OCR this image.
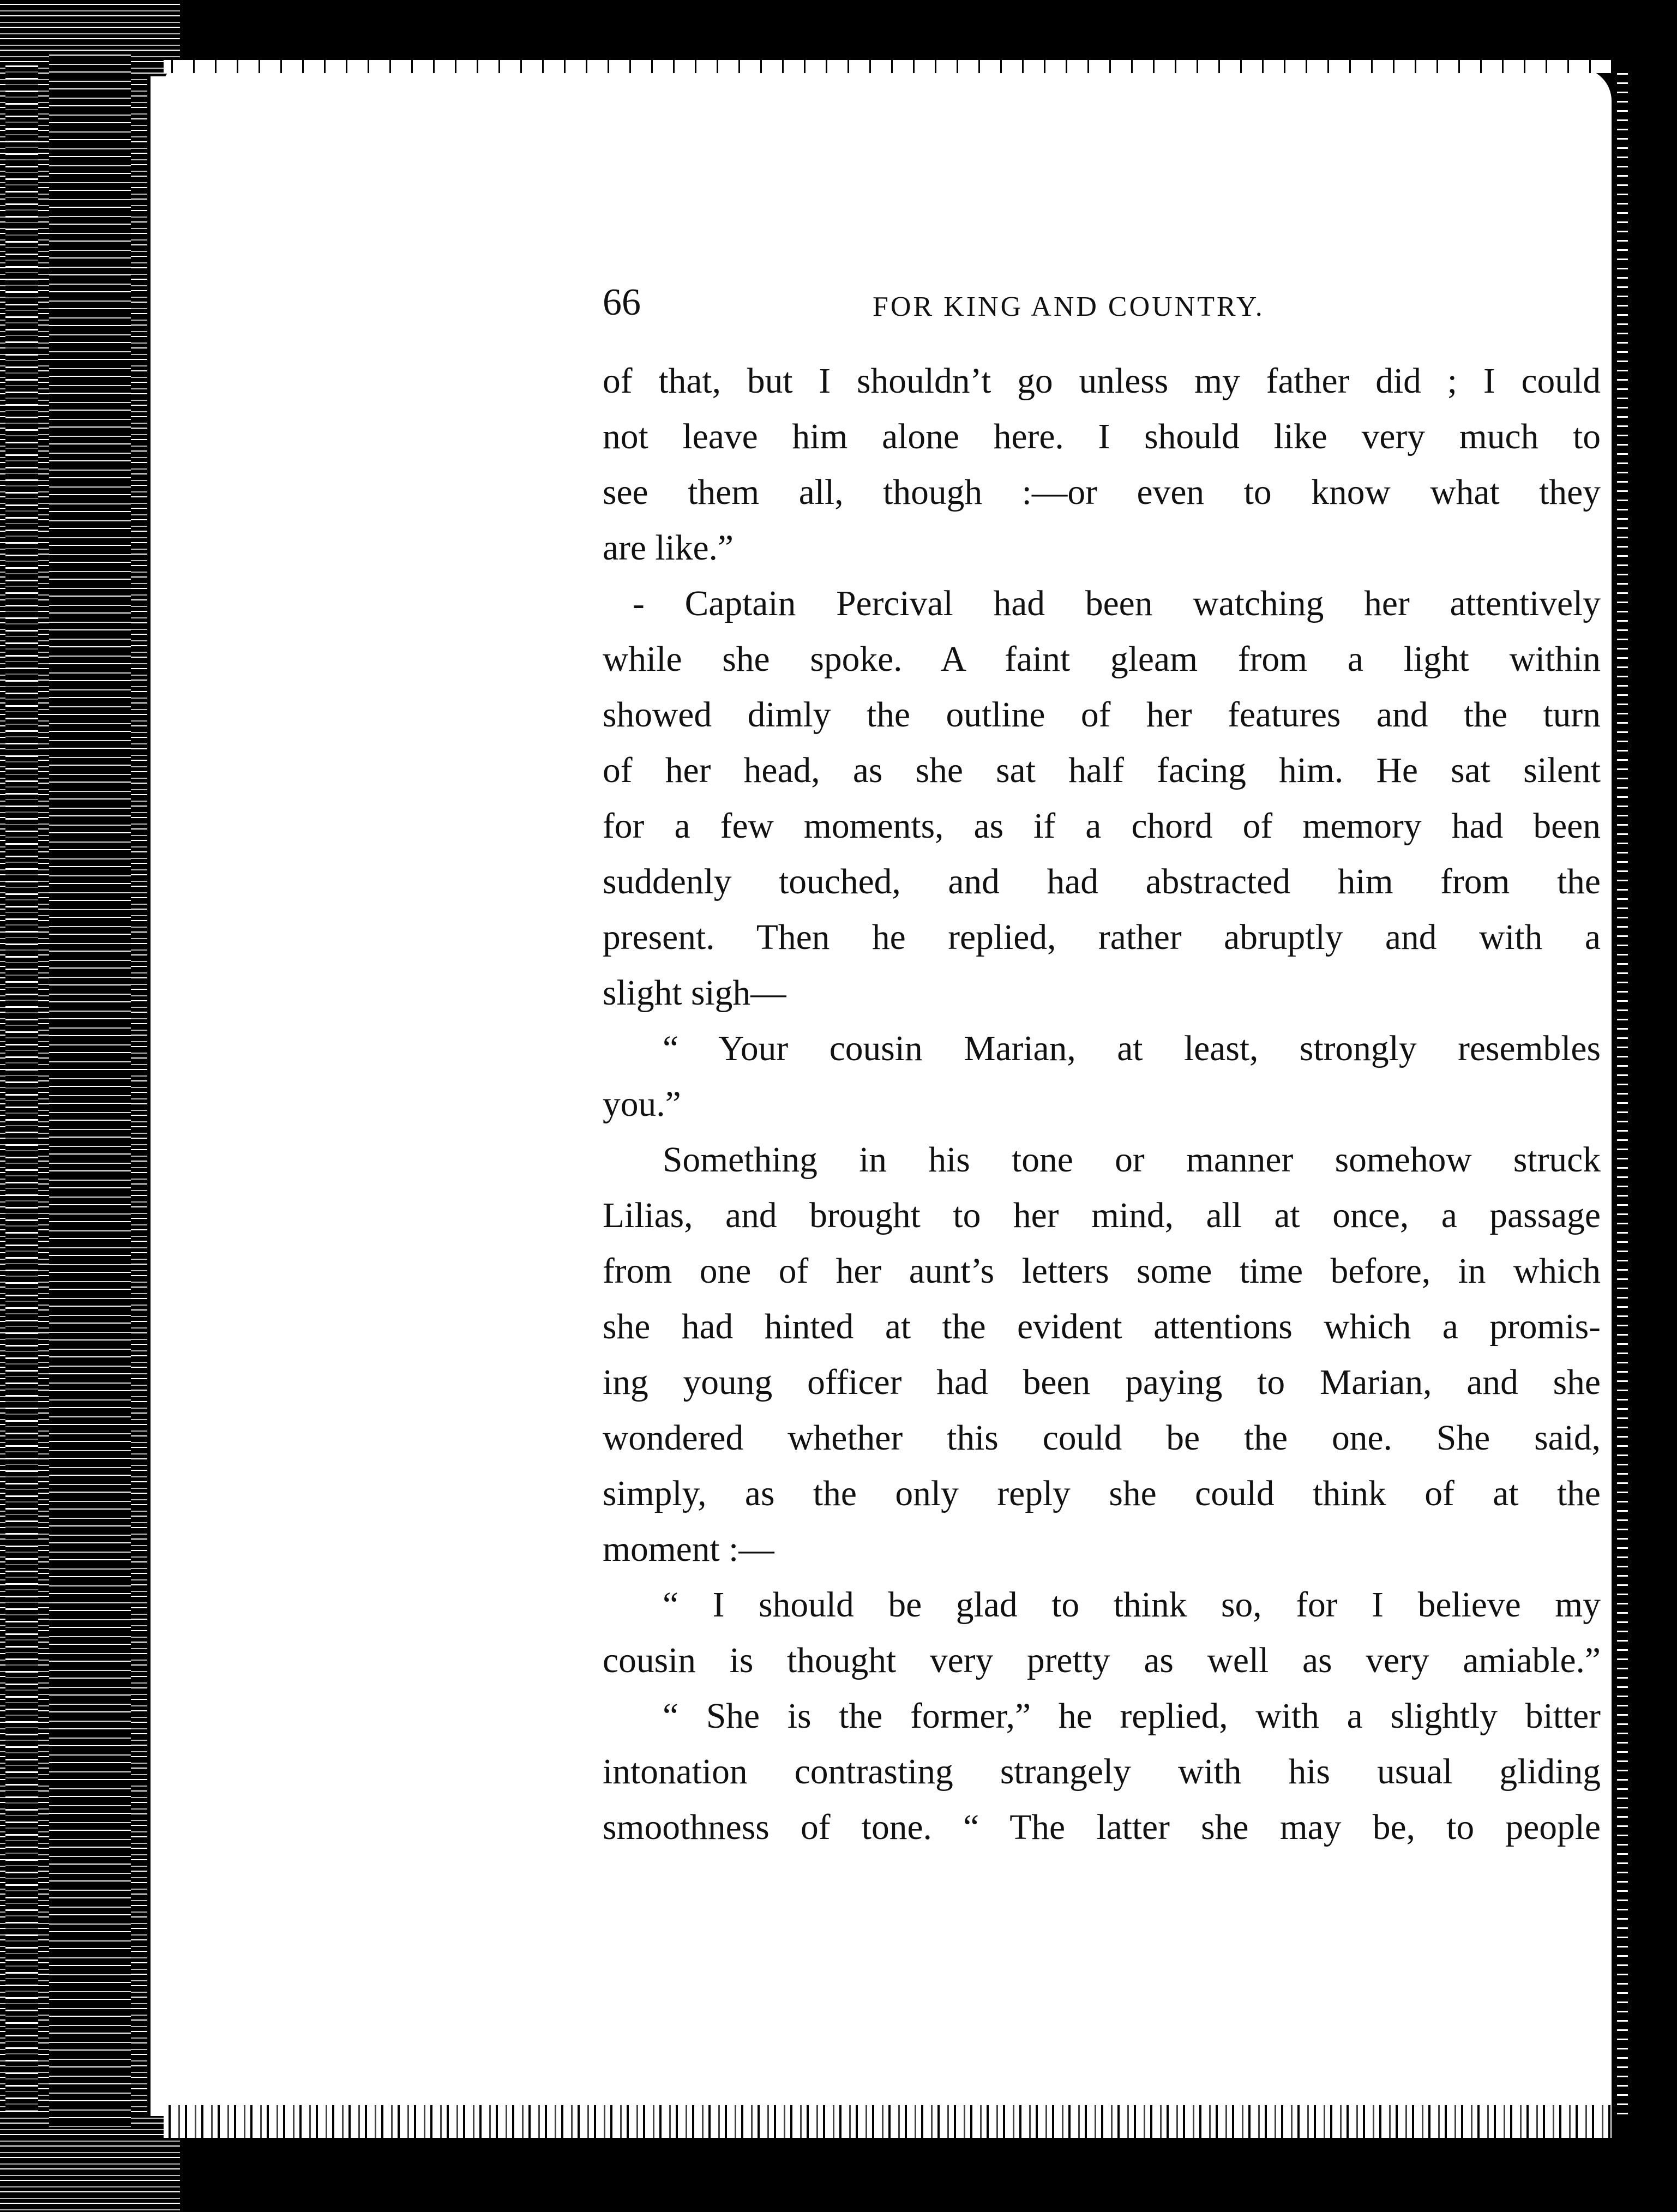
66	FOR KING AND COUNTRY.
of that, but I shouldn’t go unless my father did ; I could
not leave him alone here. I should like very much to
see them all, though :—or even to know what they
are like.”
- Captain Percival had been watching her attentively
while she spoke. A faint gleam from a light within
showed dimly the outline of her features and the turn
of her head, as she sat half facing him. He sat silent
for a few moments, as if a chord of memory had been
suddenly touched, and had abstracted him from the
present. Then he replied, rather abruptly and with a
slight sigh—
“ Your cousin Marian, at least, strongly resembles
you.”
Something in his tone or manner somehow struck
Lilias, and brought to her mind, all at once, a passage
from one of her aunt’s letters some time before, in which
she had hinted at the evident attentions which a promis-
ing young officer had been paying to Marian, and she
wondered whether this could be the one. She said,
simply, as the only reply she could think of at the
moment :—
“ I should be glad to think so, for I believe my
cousin is thought very pretty as well as very amiable.”
“ She is the former,” he replied, with a slightly bitter
intonation contrasting strangely with his usual gliding
smoothness of tone. “ The latter she may be, to people
